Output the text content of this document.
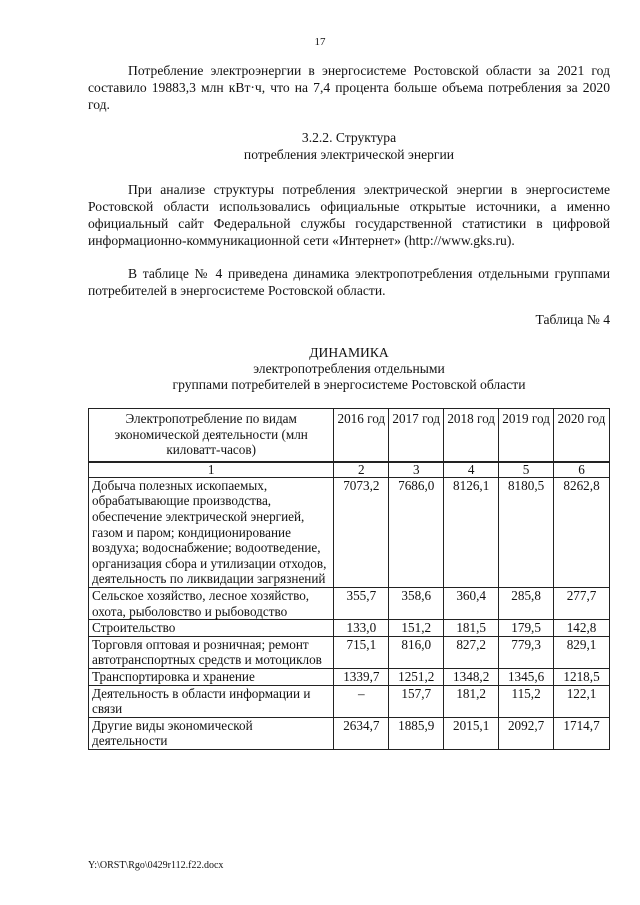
17

Потребление электроэнергии в энергосистеме Ростовской области за 2021 год составило 19883,3 млн кВт·ч, что на 7,4 процента больше объема потребления за 2020 год.

3.2.2. Структура

потребления электрической энергии

При анализе структуры потребления электрической энергии в энергосистеме Ростовской области использовались официальные открытые источники, а именно официальный сайт Федеральной службы государственной статистики в цифровой информационно-коммуникационной сети «Интернет» (http://www.gks.ru).

В таблице № 4 приведена динамика электропотребления отдельными группами потребителей в энергосистеме Ростовской области.

Таблица № 4

ДИНАМИКА

электропотребления отдельными

группами потребителей в энергосистеме Ростовской области

Электропотребление по видам экономической деятельности (млн киловатт-часов)	2016 год	2017 год	2018 год	2019 год	2020 год
1	2	3	4	5	6
Добыча полезных ископаемых, обрабатывающие производства, обеспечение электрической энергией, газом и паром; кондиционирование воздуха; водоснабжение; водоотведение, организация сбора и утилизации отходов, деятельность по ликвидации загрязнений	7073,2	7686,0	8126,1	8180,5	8262,8
Сельское хозяйство, лесное хозяйство, охота, рыболовство и рыбоводство	355,7	358,6	360,4	285,8	277,7
Строительство	133,0	151,2	181,5	179,5	142,8
Торговля оптовая и розничная; ремонт автотранспортных средств и мотоциклов	715,1	816,0	827,2	779,3	829,1
Транспортировка и хранение	1339,7	1251,2	1348,2	1345,6	1218,5
Деятельность в области информации и связи	–	157,7	181,2	115,2	122,1
Другие виды экономической деятельности	2634,7	1885,9	2015,1	2092,7	1714,7
Y:\ORST\Rgo\0429r112.f22.docx
